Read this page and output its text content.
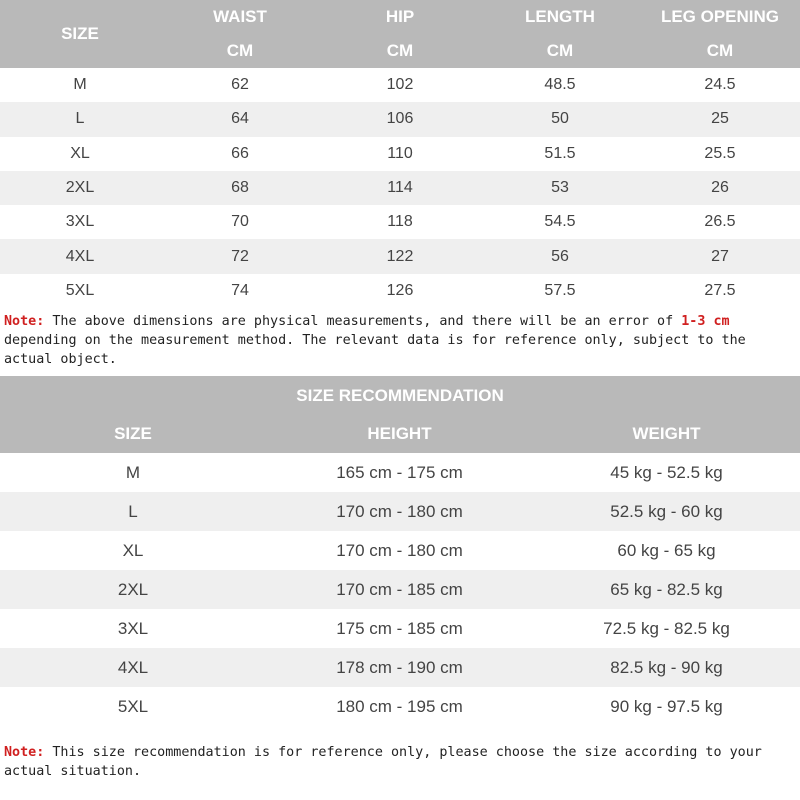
SIZE	WAIST	HIP	LENGTH	LEG OPENING
	CM	CM	CM	CM
M	62	102	48.5	24.5
L	64	106	50	25
XL	66	110	51.5	25.5
2XL	68	114	53	26
3XL	70	118	54.5	26.5
4XL	72	122	56	27
5XL	74	126	57.5	27.5
Note: The above dimensions are physical measurements, and there will be an error of 1-3 cm depending on the measurement method. The relevant data is for reference only, subject to the actual object.
SIZE RECOMMENDATION		
SIZE	HEIGHT	WEIGHT
M	165 cm - 175 cm	45 kg - 52.5 kg
L	170 cm - 180 cm	52.5 kg - 60 kg
XL	170 cm - 180 cm	60 kg - 65 kg
2XL	170 cm - 185 cm	65 kg - 82.5 kg
3XL	175 cm - 185 cm	72.5 kg - 82.5 kg
4XL	178 cm - 190 cm	82.5 kg - 90 kg
5XL	180 cm - 195 cm	90 kg - 97.5 kg
Note: This size recommendation is for reference only, please choose the size according to your actual situation.
